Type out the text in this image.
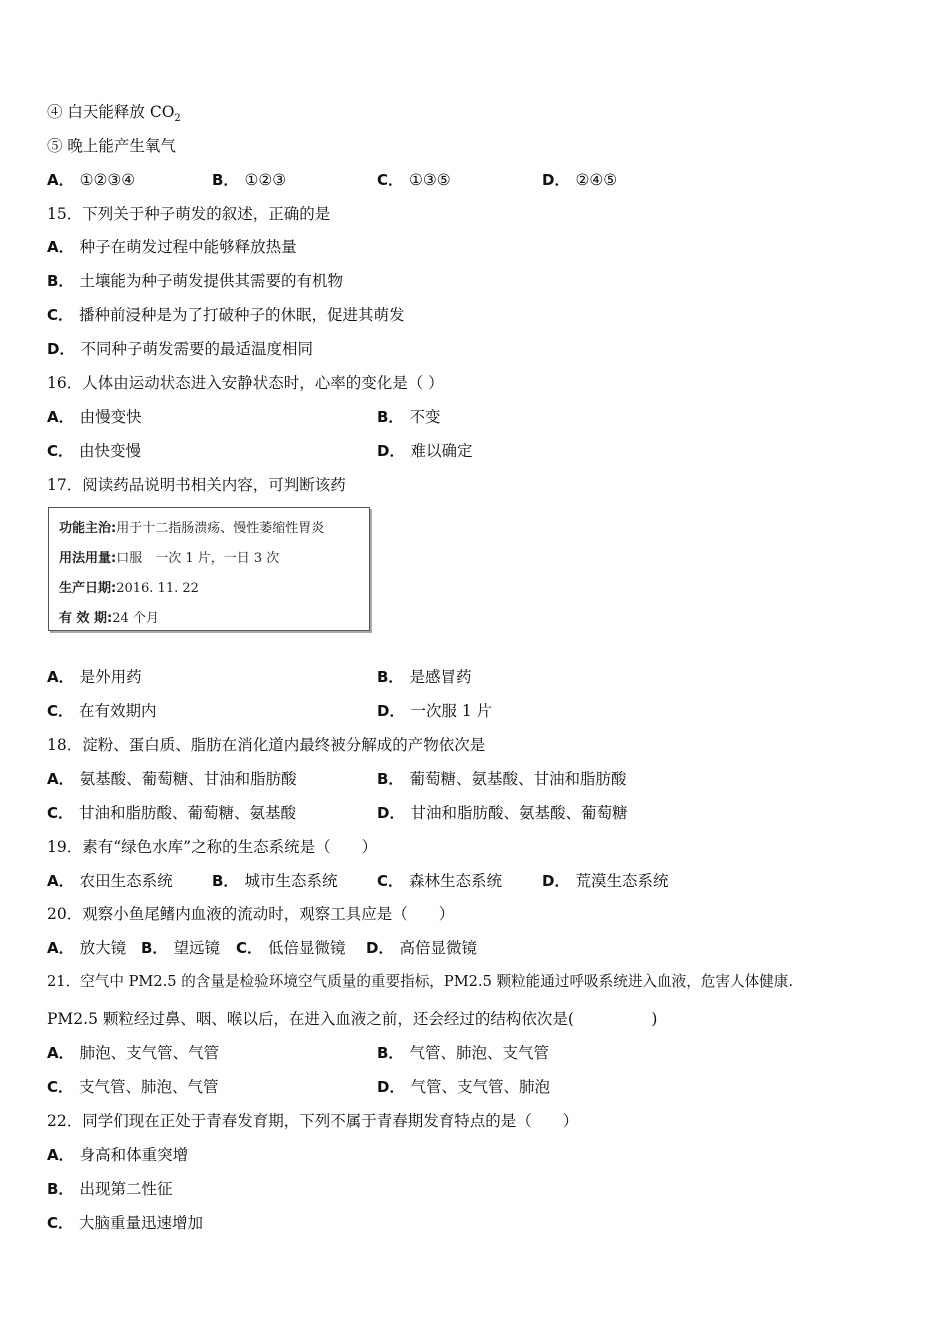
④ 白天能释放 $CO_2$
⑤ 晚上能产生氧气
A． ①②③④	B． ①②③	C． ①③⑤	D． ②④⑤
15．下列关于种子萌发的叙述，正确的是
A． 种子在萌发过程中能够释放热量
B． 土壤能为种子萌发提供其需要的有机物
C． 播种前浸种是为了打破种子的休眠，促进其萌发
D． 不同种子萌发需要的最适温度相同
16．人体由运动状态进入安静状态时，心率的变化是（ ）
A． 由慢变快	B． 不变
C． 由快变慢	D． 难以确定
17．阅读药品说明书相关内容，可判断该药
功能主治:用于十二指肠溃疡、慢性萎缩性胃炎
用法用量:口服　一次 1 片，一日 3 次
生产日期:2016. 11. 22
有 效 期:24 个月
A． 是外用药	B． 是感冒药
C． 在有效期内	D． 一次服 1 片
18．淀粉、蛋白质、脂肪在消化道内最终被分解成的产物依次是
A． 氨基酸、葡萄糖、甘油和脂肪酸	B． 葡萄糖、氨基酸、甘油和脂肪酸
C． 甘油和脂肪酸、葡萄糖、氨基酸	D． 甘油和脂肪酸、氨基酸、葡萄糖
19．素有“绿色水库”之称的生态系统是（　　）
A． 农田生态系统	B． 城市生态系统	C． 森林生态系统	D． 荒漠生态系统
20．观察小鱼尾鳍内血液的流动时，观察工具应是（　　）
A． 放大镜 B． 望远镜 C． 低倍显微镜 D． 高倍显微镜
21．空气中 PM2.5 的含量是检验环境空气质量的重要指标，PM2.5 颗粒能通过呼吸系统进入血液，危害人体健康.
PM2.5 颗粒经过鼻、咽、喉以后，在进入血液之前，还会经过的结构依次是(　　　　　)
A． 肺泡、支气管、气管	B． 气管、肺泡、支气管
C． 支气管、肺泡、气管	D． 气管、支气管、肺泡
22．同学们现在正处于青春发育期，下列不属于青春期发育特点的是（　　）
A． 身高和体重突增
B． 出现第二性征
C． 大脑重量迅速增加
